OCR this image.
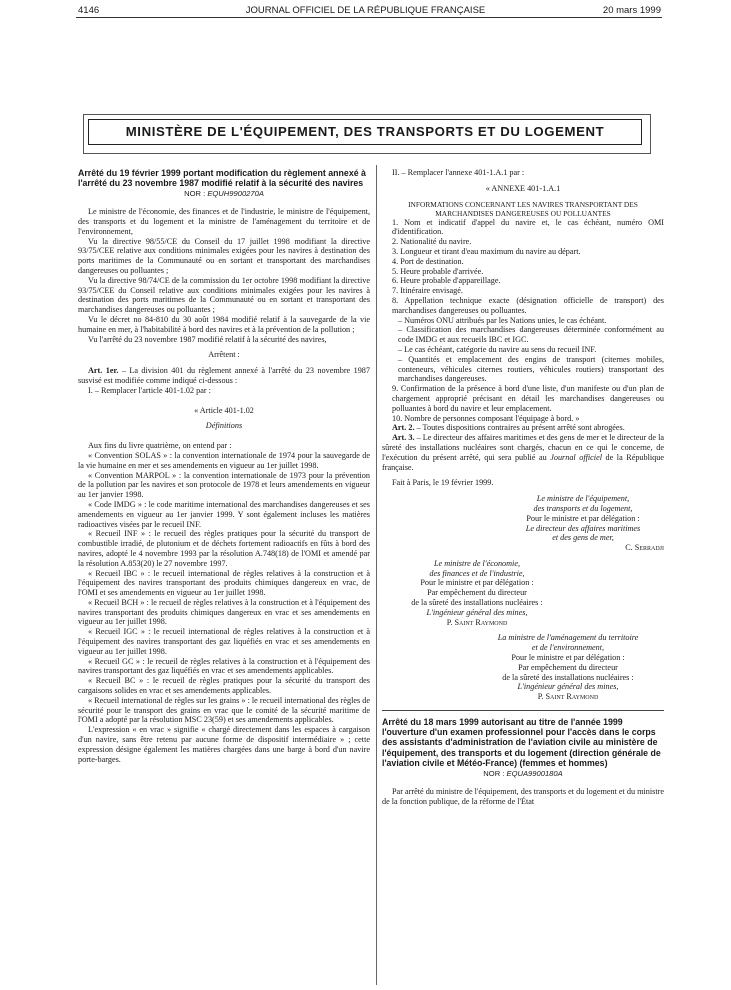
4146	JOURNAL OFFICIEL DE LA RÉPUBLIQUE FRANÇAISE	20 mars 1999
MINISTÈRE DE L'ÉQUIPEMENT, DES TRANSPORTS ET DU LOGEMENT

Arrêté du 19 février 1999 portant modification du règlement annexé à l'arrêté du 23 novembre 1987 modifié relatif à la sécurité des navires

NOR : EQUH9900270A

Le ministre de l'économie, des finances et de l'industrie, le ministre de l'équipement, des transports et du logement et la ministre de l'aménagement du territoire et de l'environnement,

Vu la directive 98/55/CE du Conseil du 17 juillet 1998 modifiant la directive 93/75/CEE relative aux conditions minimales exigées pour les navires à destination des ports maritimes de la Communauté ou en sortant et transportant des marchandises dangereuses ou polluantes ;

Vu la directive 98/74/CE de la commission du 1er octobre 1998 modifiant la directive 93/75/CEE du Conseil relative aux conditions minimales exigées pour les navires à destination des ports maritimes de la Communauté ou en sortant et transportant des marchandises dangereuses ou polluantes ;

Vu le décret no 84-810 du 30 août 1984 modifié relatif à la sauvegarde de la vie humaine en mer, à l'habitabilité à bord des navires et à la prévention de la pollution ;

Vu l'arrêté du 23 novembre 1987 modifié relatif à la sécurité des navires,

Arrêtent :

Art. 1er. – La division 401 du règlement annexé à l'arrêté du 23 novembre 1987 susvisé est modifiée comme indiqué ci-dessous :

I. – Remplacer l'article 401-1.02 par :

« Article 401-1.02

Définitions

Aux fins du livre quatrième, on entend par :

« Convention SOLAS » : la convention internationale de 1974 pour la sauvegarde de la vie humaine en mer et ses amendements en vigueur au 1er juillet 1998.

« Convention MARPOL » : la convention internationale de 1973 pour la prévention de la pollution par les navires et son protocole de 1978 et leurs amendements en vigueur au 1er janvier 1998.

« Code IMDG » : le code maritime international des marchandises dangereuses et ses amendements en vigueur au 1er janvier 1999. Y sont également incluses les matières radioactives visées par le recueil INF.

« Recueil INF » : le recueil des règles pratiques pour la sécurité du transport de combustible irradié, de plutonium et de déchets fortement radioactifs en fûts à bord des navires, adopté le 4 novembre 1993 par la résolution A.748(18) de l'OMI et amendé par la résolution A.853(20) le 27 novembre 1997.

« Recueil IBC » : le recueil international de règles relatives à la construction et à l'équipement des navires transportant des produits chimiques dangereux en vrac, de l'OMI et ses amendements en vigueur au 1er juillet 1998.

« Recueil BCH » : le recueil de règles relatives à la construction et à l'équipement des navires transportant des produits chimiques dangereux en vrac et ses amendements en vigueur au 1er juillet 1998.

« Recueil IGC » : le recueil international de règles relatives à la construction et à l'équipement des navires transportant des gaz liquéfiés en vrac et ses amendements en vigueur au 1er juillet 1998.

« Recueil GC » : le recueil de règles relatives à la construction et à l'équipement des navires transportant des gaz liquéfiés en vrac et ses amendements applicables.

« Recueil BC » : le recueil de règles pratiques pour la sécurité du transport des cargaisons solides en vrac et ses amendements applicables.

« Recueil international de règles sur les grains » : le recueil international des règles de sécurité pour le transport des grains en vrac que le comité de la sécurité maritime de l'OMI a adopté par la résolution MSC 23(59) et ses amendements applicables.

L'expression « en vrac » signifie « chargé directement dans les espaces à cargaison d'un navire, sans être retenu par aucune forme de dispositif intermédiaire » ; cette expression désigne également les matières chargées dans une barge à bord d'un navire porte-barges.

II. – Remplacer l'annexe 401-1.A.1 par :

« ANNEXE 401-1.A.1

INFORMATIONS CONCERNANT LES NAVIRES TRANSPORTANT DES MARCHANDISES DANGEREUSES OU POLLUANTES

1. Nom et indicatif d'appel du navire et, le cas échéant, numéro OMI d'identification.

2. Nationalité du navire.

3. Longueur et tirant d'eau maximum du navire au départ.

4. Port de destination.

5. Heure probable d'arrivée.

6. Heure probable d'appareillage.

7. Itinéraire envisagé.

8. Appellation technique exacte (désignation officielle de transport) des marchandises dangereuses ou polluantes.

– Numéros ONU attribués par les Nations unies, le cas échéant.

– Classification des marchandises dangereuses déterminée conformément au code IMDG et aux recueils IBC et IGC.

– Le cas échéant, catégorie du navire au sens du recueil INF.

– Quantités et emplacement des engins de transport (citernes mobiles, conteneurs, véhicules citernes routiers, véhicules routiers) transportant des marchandises dangereuses.

9. Confirmation de la présence à bord d'une liste, d'un manifeste ou d'un plan de chargement approprié précisant en détail les marchandises dangereuses ou polluantes à bord du navire et leur emplacement.

10. Nombre de personnes composant l'équipage à bord. »

Art. 2. – Toutes dispositions contraires au présent arrêté sont abrogées.

Art. 3. – Le directeur des affaires maritimes et des gens de mer et le directeur de la sûreté des installations nucléaires sont chargés, chacun en ce qui le concerne, de l'exécution du présent arrêté, qui sera publié au Journal officiel de la République française.

Fait à Paris, le 19 février 1999.

Le ministre de l'équipement,

des transports et du logement,

Pour le ministre et par délégation :

Le directeur des affaires maritimes

et des gens de mer,

C. Serradji

Le ministre de l'économie,

des finances et de l'industrie,

Pour le ministre et par délégation :

Par empêchement du directeur

de la sûreté des installations nucléaires :

L'ingénieur général des mines,

P. Saint Raymond

La ministre de l'aménagement du territoire

et de l'environnement,

Pour le ministre et par délégation :

Par empêchement du directeur

de la sûreté des installations nucléaires :

L'ingénieur général des mines,

P. Saint Raymond

Arrêté du 18 mars 1999 autorisant au titre de l'année 1999 l'ouverture d'un examen professionnel pour l'accès dans le corps des assistants d'administration de l'aviation civile au ministère de l'équipement, des transports et du logement (direction générale de l'aviation civile et Météo-France) (femmes et hommes)

NOR : EQUA9900180A

Par arrêté du ministre de l'équipement, des transports et du logement et du ministre de la fonction publique, de la réforme de l'État
